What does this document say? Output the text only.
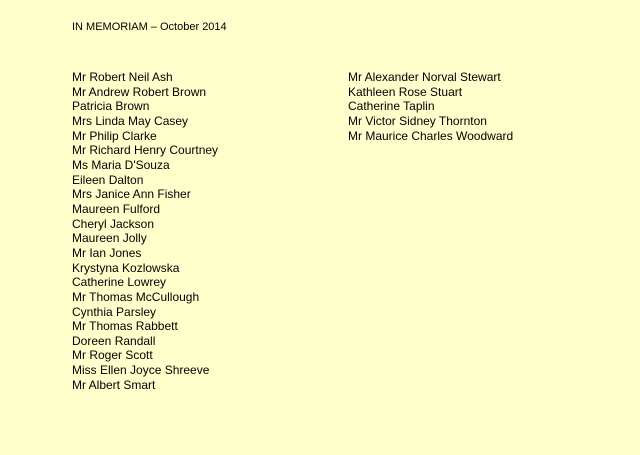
IN MEMORIAM – October 2014
Mr Robert Neil Ash
Mr Andrew Robert Brown
Patricia Brown
Mrs Linda May Casey
Mr Philip Clarke
Mr Richard Henry Courtney
Ms Maria D'Souza
Eileen Dalton
Mrs Janice Ann Fisher
Maureen Fulford
Cheryl Jackson
Maureen Jolly
Mr Ian Jones
Krystyna Kozlowska
Catherine Lowrey
Mr Thomas McCullough
Cynthia Parsley
Mr Thomas Rabbett
Doreen Randall
Mr Roger Scott
Miss Ellen Joyce Shreeve
Mr Albert Smart
Mr Alexander Norval Stewart
Kathleen Rose Stuart
Catherine Taplin
Mr Victor Sidney Thornton
Mr Maurice Charles Woodward
